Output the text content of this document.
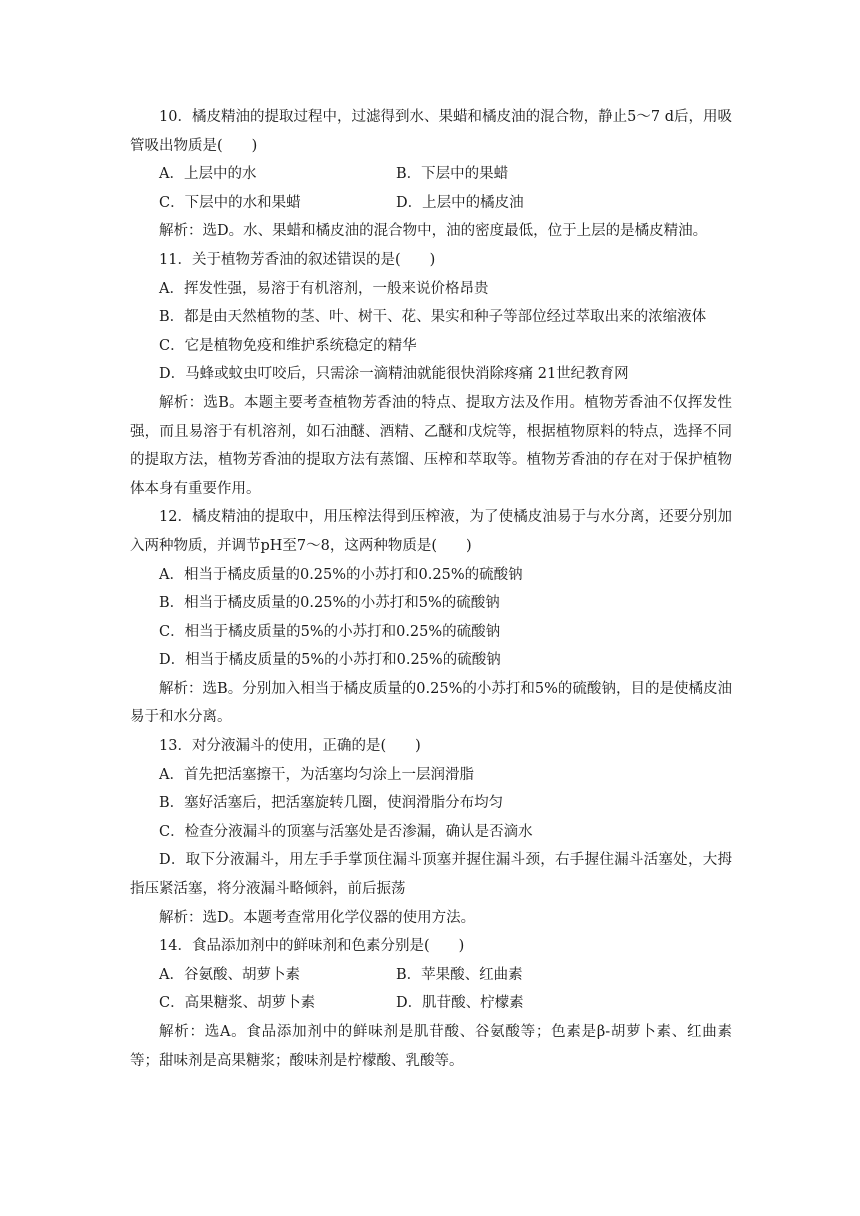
10．橘皮精油的提取过程中，过滤得到水、果蜡和橘皮油的混合物，静止5～7 d后，用吸管吸出物质是(　　)

A．上层中的水	B．下层中的果蜡
C．下层中的水和果蜡	D．上层中的橘皮油

解析：选D。水、果蜡和橘皮油的混合物中，油的密度最低，位于上层的是橘皮精油。

11．关于植物芳香油的叙述错误的是(　　)

A．挥发性强，易溶于有机溶剂，一般来说价格昂贵

B．都是由天然植物的茎、叶、树干、花、果实和种子等部位经过萃取出来的浓缩液体

C．它是植物免疫和维护系统稳定的精华

D．马蜂或蚊虫叮咬后，只需涂一滴精油就能很快消除疼痛 21世纪教育网

解析：选B。本题主要考查植物芳香油的特点、提取方法及作用。植物芳香油不仅挥发性强，而且易溶于有机溶剂，如石油醚、酒精、乙醚和戊烷等，根据植物原料的特点，选择不同的提取方法，植物芳香油的提取方法有蒸馏、压榨和萃取等。植物芳香油的存在对于保护植物体本身有重要作用。

12．橘皮精油的提取中，用压榨法得到压榨液，为了使橘皮油易于与水分离，还要分别加入两种物质，并调节pH至7～8，这两种物质是(　　)

A．相当于橘皮质量的0.25%的小苏打和0.25%的硫酸钠

B．相当于橘皮质量的0.25%的小苏打和5%的硫酸钠

C．相当于橘皮质量的5%的小苏打和0.25%的硫酸钠

D．相当于橘皮质量的5%的小苏打和0.25%的硫酸钠

解析：选B。分别加入相当于橘皮质量的0.25%的小苏打和5%的硫酸钠，目的是使橘皮油易于和水分离。

13．对分液漏斗的使用，正确的是(　　)

A．首先把活塞擦干，为活塞均匀涂上一层润滑脂

B．塞好活塞后，把活塞旋转几圈，使润滑脂分布均匀

C．检查分液漏斗的顶塞与活塞处是否渗漏，确认是否滴水

D．取下分液漏斗，用左手手掌顶住漏斗顶塞并握住漏斗颈，右手握住漏斗活塞处，大拇指压紧活塞，将分液漏斗略倾斜，前后振荡

解析：选D。本题考查常用化学仪器的使用方法。

14．食品添加剂中的鲜味剂和色素分别是(　　)

A．谷氨酸、胡萝卜素	B．苹果酸、红曲素
C．高果糖浆、胡萝卜素	D．肌苷酸、柠檬素

解析：选A。食品添加剂中的鲜味剂是肌苷酸、谷氨酸等；色素是β-胡萝卜素、红曲素等；甜味剂是高果糖浆；酸味剂是柠檬酸、乳酸等。
